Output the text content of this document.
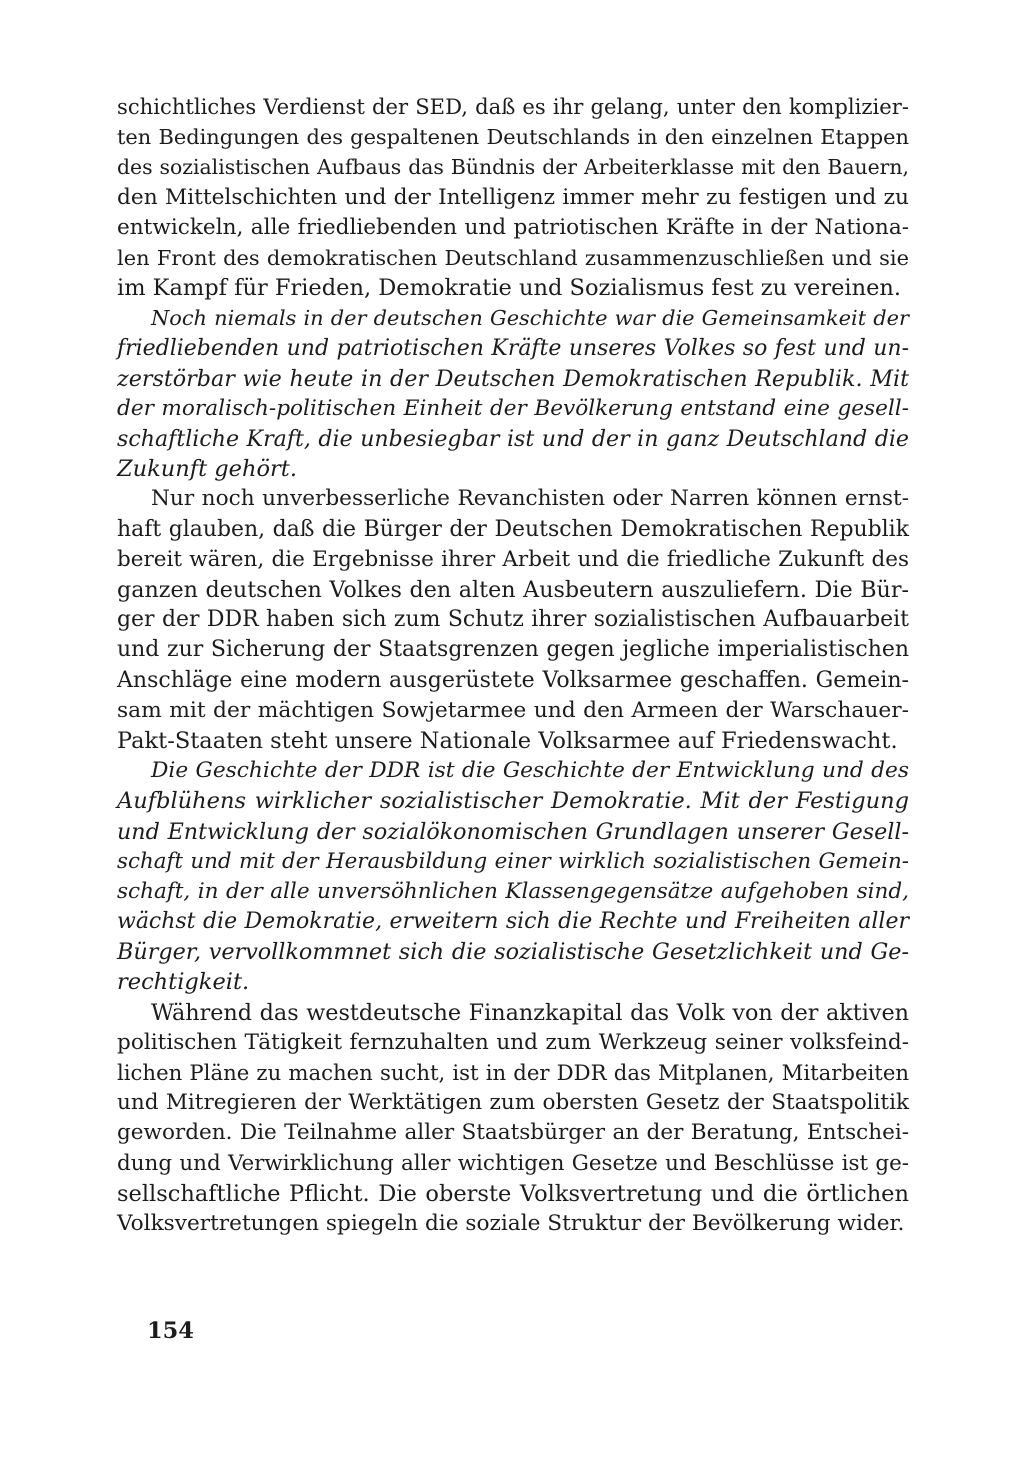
schichtliches Verdienst der SED, daß es ihr gelang, unter den komplizier-
ten Bedingungen des gespaltenen Deutschlands in den einzelnen Etappen
des sozialistischen Aufbaus das Bündnis der Arbeiterklasse mit den Bauern,
den Mittelschichten und der Intelligenz immer mehr zu festigen und zu
entwickeln, alle friedliebenden und patriotischen Kräfte in der Nationa-
len Front des demokratischen Deutschland zusammenzuschließen und sie
im Kampf für Frieden, Demokratie und Sozialismus fest zu vereinen.
Noch niemals in der deutschen Geschichte war die Gemeinsamkeit der
friedliebenden und patriotischen Kräfte unseres Volkes so fest und un-
zerstörbar wie heute in der Deutschen Demokratischen Republik. Mit
der moralisch-politischen Einheit der Bevölkerung entstand eine gesell-
schaftliche Kraft, die unbesiegbar ist und der in ganz Deutschland die
Zukunft gehört.
Nur noch unverbesserliche Revanchisten oder Narren können ernst-
haft glauben, daß die Bürger der Deutschen Demokratischen Republik
bereit wären, die Ergebnisse ihrer Arbeit und die friedliche Zukunft des
ganzen deutschen Volkes den alten Ausbeutern auszuliefern. Die Bür-
ger der DDR haben sich zum Schutz ihrer sozialistischen Aufbauarbeit
und zur Sicherung der Staatsgrenzen gegen jegliche imperialistischen
Anschläge eine modern ausgerüstete Volksarmee geschaffen. Gemein-
sam mit der mächtigen Sowjetarmee und den Armeen der Warschauer-
Pakt-Staaten steht unsere Nationale Volksarmee auf Friedenswacht.
Die Geschichte der DDR ist die Geschichte der Entwicklung und des
Aufblühens wirklicher sozialistischer Demokratie. Mit der Festigung
und Entwicklung der sozialökonomischen Grundlagen unserer Gesell-
schaft und mit der Herausbildung einer wirklich sozialistischen Gemein-
schaft, in der alle unversöhnlichen Klassengegensätze aufgehoben sind,
wächst die Demokratie, erweitern sich die Rechte und Freiheiten aller
Bürger, vervollkommnet sich die sozialistische Gesetzlichkeit und Ge-
rechtigkeit.
Während das westdeutsche Finanzkapital das Volk von der aktiven
politischen Tätigkeit fernzuhalten und zum Werkzeug seiner volksfeind-
lichen Pläne zu machen sucht, ist in der DDR das Mitplanen, Mitarbeiten
und Mitregieren der Werktätigen zum obersten Gesetz der Staatspolitik
geworden. Die Teilnahme aller Staatsbürger an der Beratung, Entschei-
dung und Verwirklichung aller wichtigen Gesetze und Beschlüsse ist ge-
sellschaftliche Pflicht. Die oberste Volksvertretung und die örtlichen
Volksvertretungen spiegeln die soziale Struktur der Bevölkerung wider.
154
